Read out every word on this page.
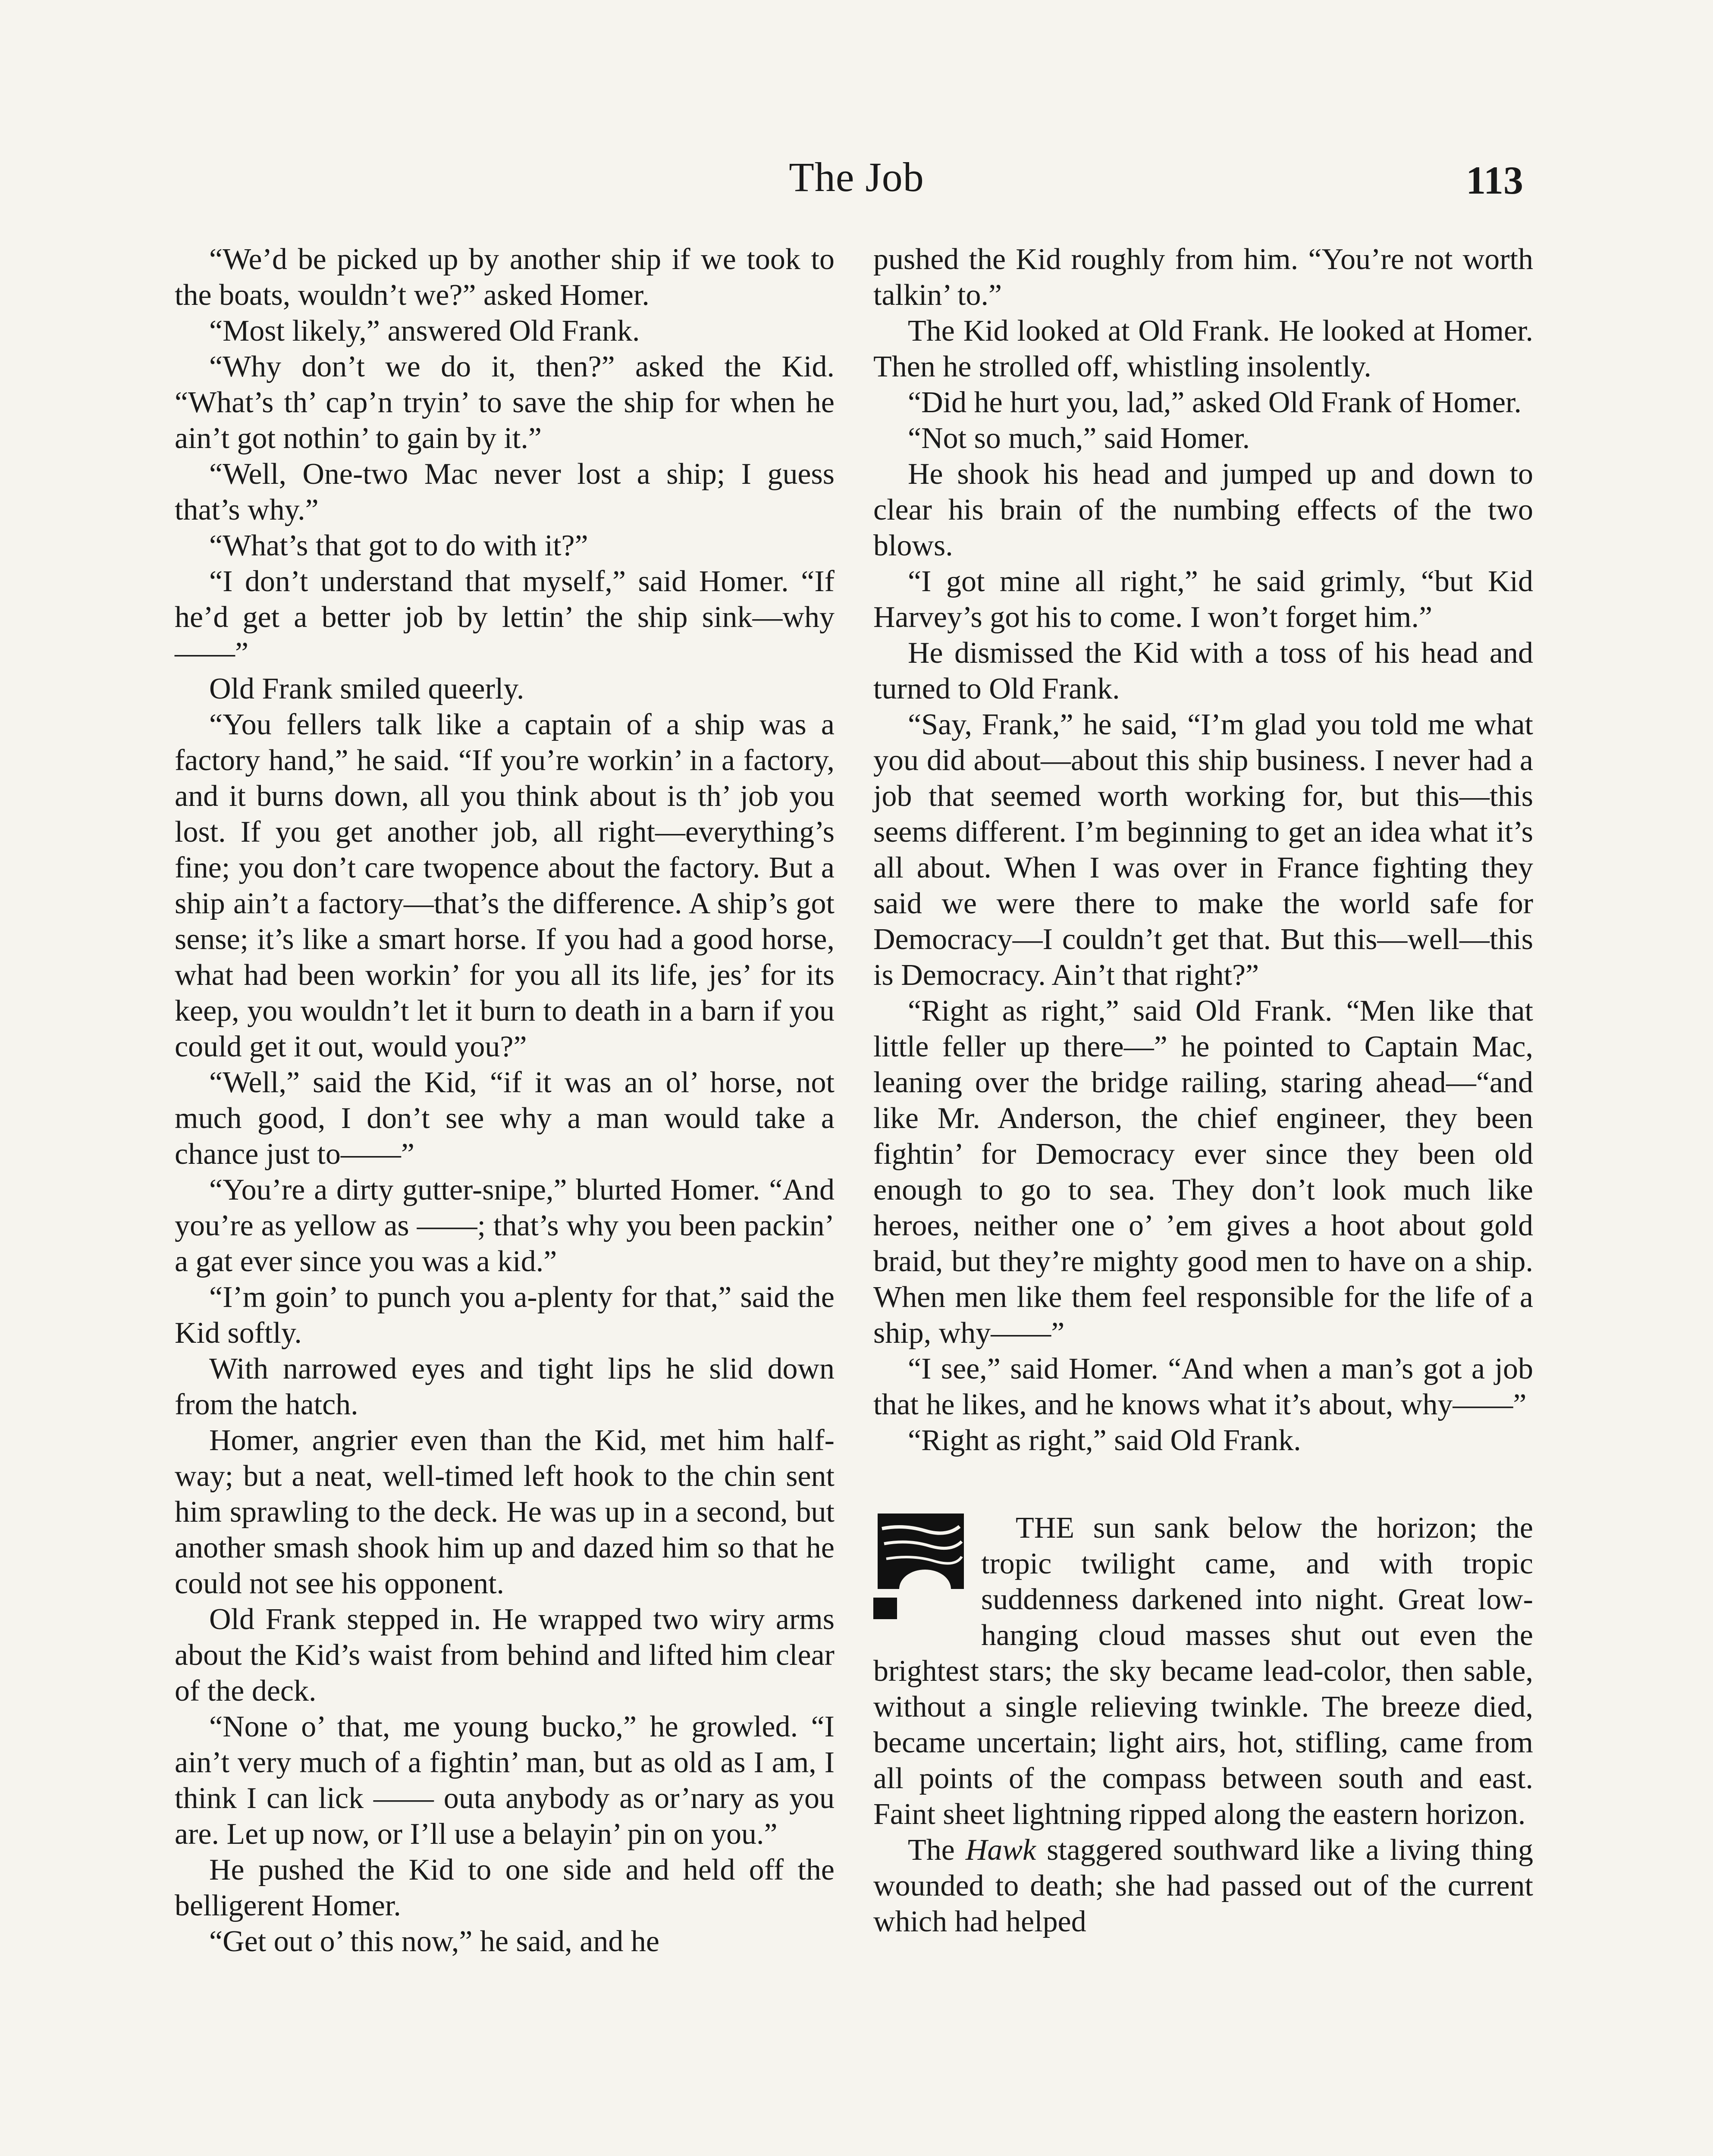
The Job	113

“We’d be picked up by another ship if we took to the boats, wouldn’t we?” asked Homer.

“Most likely,” answered Old Frank.

“Why don’t we do it, then?” asked the Kid. “What’s th’ cap’n tryin’ to save the ship for when he ain’t got nothin’ to gain by it.”

“Well, One-two Mac never lost a ship; I guess that’s why.”

“What’s that got to do with it?”

“I don’t understand that myself,” said Homer. “If he’d get a better job by lettin’ the ship sink—why——”

Old Frank smiled queerly.

“You fellers talk like a captain of a ship was a factory hand,” he said. “If you’re workin’ in a factory, and it burns down, all you think about is th’ job you lost. If you get another job, all right—everything’s fine; you don’t care twopence about the factory. But a ship ain’t a factory—that’s the difference. A ship’s got sense; it’s like a smart horse. If you had a good horse, what had been workin’ for you all its life, jes’ for its keep, you wouldn’t let it burn to death in a barn if you could get it out, would you?”

“Well,” said the Kid, “if it was an ol’ horse, not much good, I don’t see why a man would take a chance just to——”

“You’re a dirty gutter-snipe,” blurted Homer. “And you’re as yellow as ——; that’s why you been packin’ a gat ever since you was a kid.”

“I’m goin’ to punch you a-plenty for that,” said the Kid softly.

With narrowed eyes and tight lips he slid down from the hatch.

Homer, angrier even than the Kid, met him half-way; but a neat, well-timed left hook to the chin sent him sprawling to the deck. He was up in a second, but another smash shook him up and dazed him so that he could not see his opponent.

Old Frank stepped in. He wrapped two wiry arms about the Kid’s waist from behind and lifted him clear of the deck.

“None o’ that, me young bucko,” he growled. “I ain’t very much of a fightin’ man, but as old as I am, I think I can lick —— outa anybody as or’nary as you are. Let up now, or I’ll use a belayin’ pin on you.”

He pushed the Kid to one side and held off the belligerent Homer.

“Get out o’ this now,” he said, and he

pushed the Kid roughly from him. “You’re not worth talkin’ to.”

The Kid looked at Old Frank. He looked at Homer. Then he strolled off, whistling insolently.

“Did he hurt you, lad,” asked Old Frank of Homer.

“Not so much,” said Homer.

He shook his head and jumped up and down to clear his brain of the numbing effects of the two blows.

“I got mine all right,” he said grimly, “but Kid Harvey’s got his to come. I won’t forget him.”

He dismissed the Kid with a toss of his head and turned to Old Frank.

“Say, Frank,” he said, “I’m glad you told me what you did about—about this ship business. I never had a job that seemed worth working for, but this—this seems different. I’m beginning to get an idea what it’s all about. When I was over in France fighting they said we were there to make the world safe for Democracy—I couldn’t get that. But this—well—this is Democracy. Ain’t that right?”

“Right as right,” said Old Frank. “Men like that little feller up there—” he pointed to Captain Mac, leaning over the bridge railing, staring ahead—“and like Mr. Anderson, the chief engineer, they been fightin’ for Democracy ever since they been old enough to go to sea. They don’t look much like heroes, neither one o’ ’em gives a hoot about gold braid, but they’re mighty good men to have on a ship. When men like them feel responsible for the life of a ship, why——”

“I see,” said Homer. “And when a man’s got a job that he likes, and he knows what it’s about, why——”

“Right as right,” said Old Frank.

THE sun sank below the horizon; the tropic twilight came, and with tropic suddenness darkened into night. Great low-hanging cloud masses shut out even the brightest stars; the sky became lead-color, then sable, without a single relieving twinkle. The breeze died, became uncertain; light airs, hot, stifling, came from all points of the compass between south and east. Faint sheet lightning ripped along the eastern horizon.

The Hawk staggered southward like a living thing wounded to death; she had passed out of the current which had helped
